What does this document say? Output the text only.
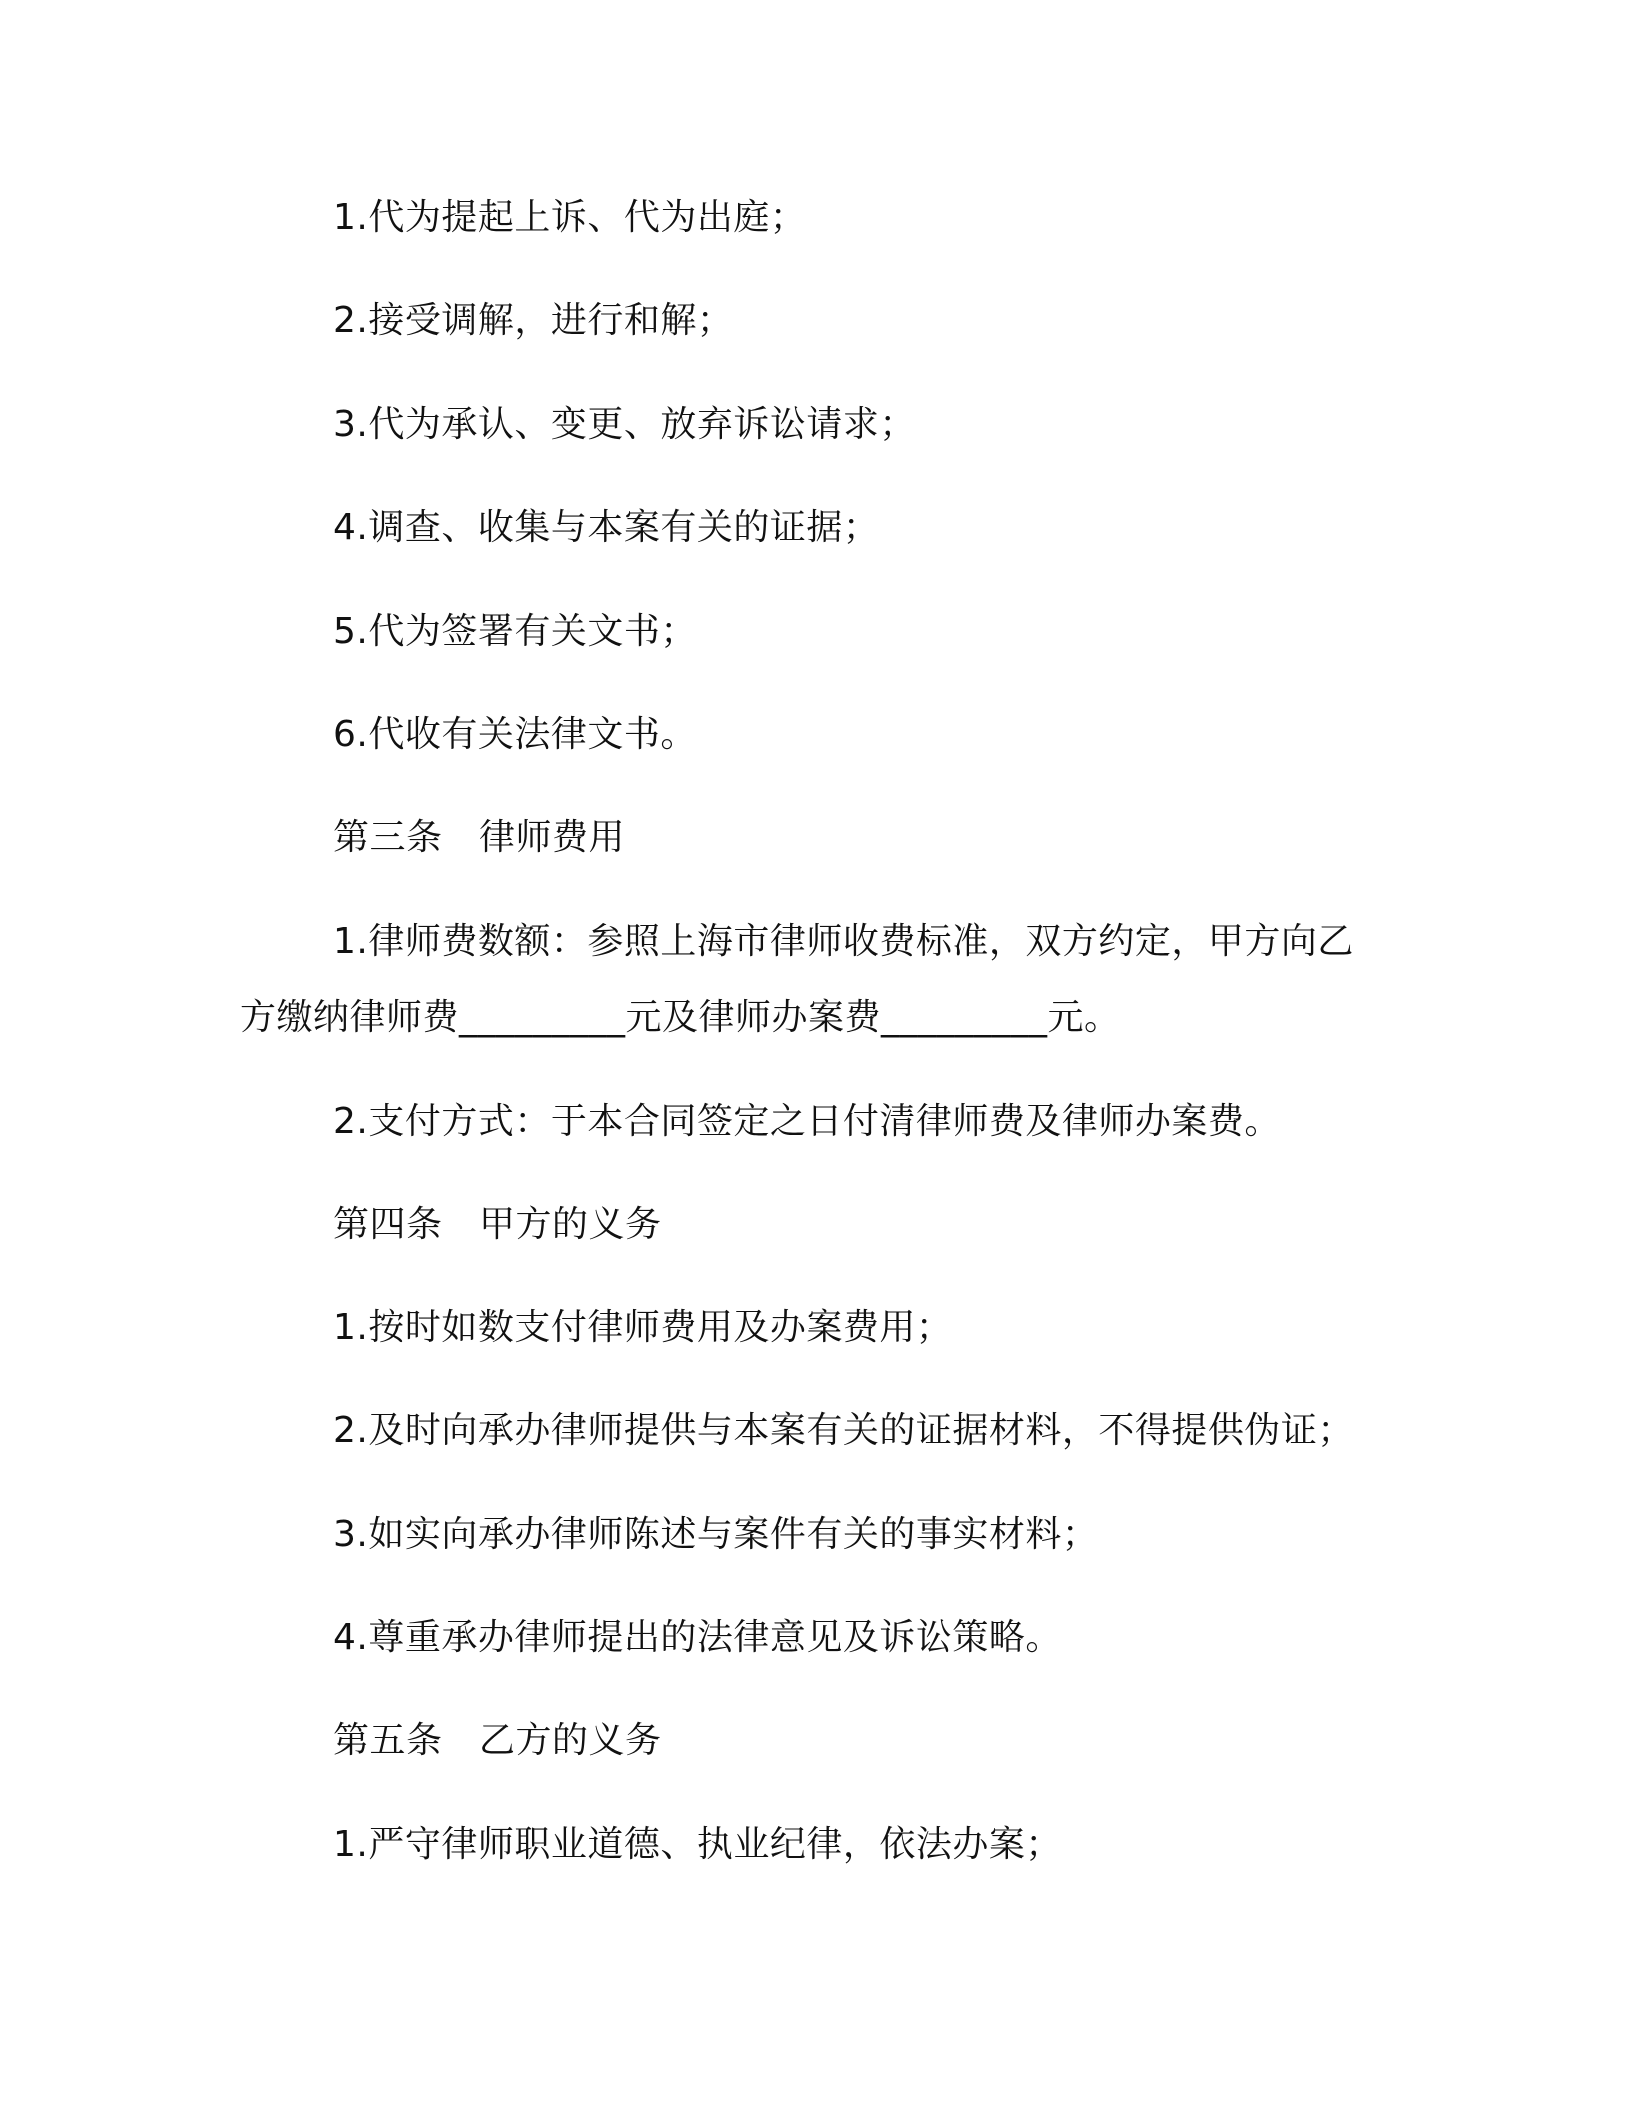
1.代为提起上诉、代为出庭；
2.接受调解，进行和解；
3.代为承认、变更、放弃诉讼请求；
4.调查、收集与本案有关的证据；
5.代为签署有关文书；
6.代收有关法律文书。
第三条　律师费用
1.律师费数额：参照上海市律师收费标准，双方约定，甲方向乙
方缴纳律师费_________元及律师办案费_________元。
2.支付方式：于本合同签定之日付清律师费及律师办案费。
第四条　甲方的义务
1.按时如数支付律师费用及办案费用；
2.及时向承办律师提供与本案有关的证据材料，不得提供伪证；
3.如实向承办律师陈述与案件有关的事实材料；
4.尊重承办律师提出的法律意见及诉讼策略。
第五条　乙方的义务
1.严守律师职业道德、执业纪律，依法办案；
